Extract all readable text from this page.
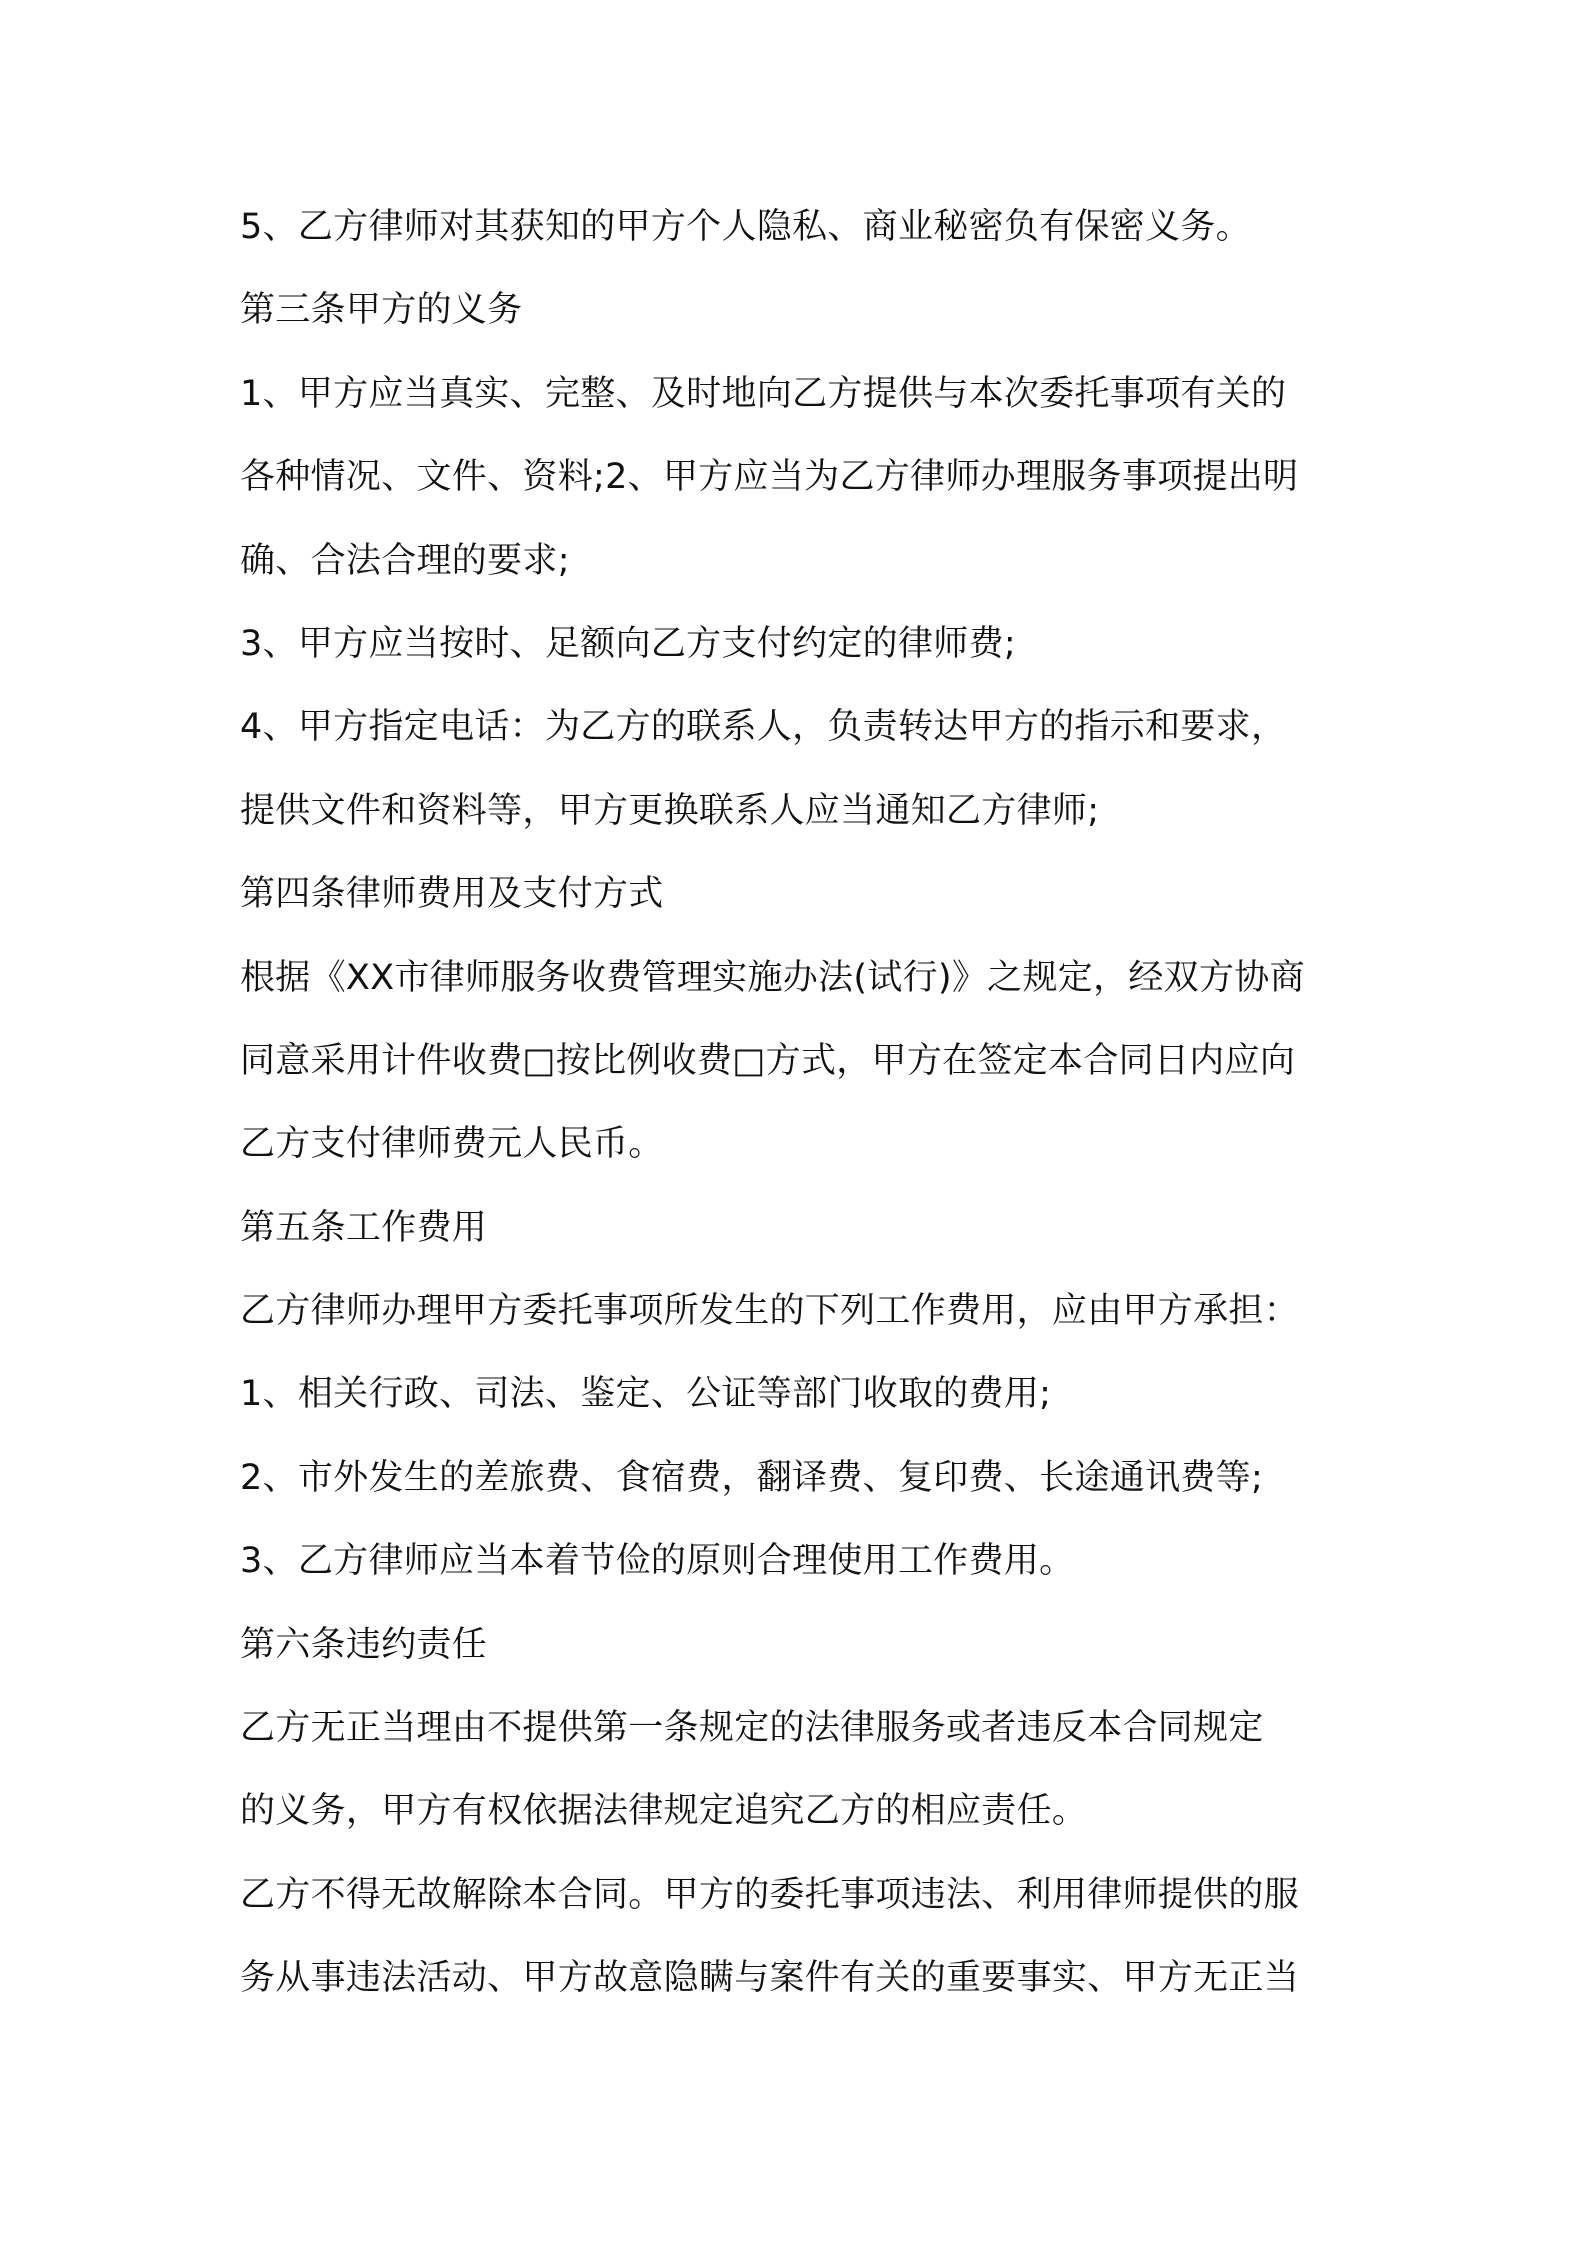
5、乙方律师对其获知的甲方个人隐私、商业秘密负有保密义务。
第三条甲方的义务
1、甲方应当真实、完整、及时地向乙方提供与本次委托事项有关的
各种情况、文件、资料;2、甲方应当为乙方律师办理服务事项提出明
确、合法合理的要求;
3、甲方应当按时、足额向乙方支付约定的律师费;
4、甲方指定电话：为乙方的联系人，负责转达甲方的指示和要求，
提供文件和资料等，甲方更换联系人应当通知乙方律师;
第四条律师费用及支付方式
根据《XX市律师服务收费管理实施办法(试行)》之规定，经双方协商
同意采用计件收费□按比例收费□方式，甲方在签定本合同日内应向
乙方支付律师费元人民币。
第五条工作费用
乙方律师办理甲方委托事项所发生的下列工作费用，应由甲方承担：
1、相关行政、司法、鉴定、公证等部门收取的费用;
2、市外发生的差旅费、食宿费，翻译费、复印费、长途通讯费等;
3、乙方律师应当本着节俭的原则合理使用工作费用。
第六条违约责任
乙方无正当理由不提供第一条规定的法律服务或者违反本合同规定
的义务，甲方有权依据法律规定追究乙方的相应责任。
乙方不得无故解除本合同。甲方的委托事项违法、利用律师提供的服
务从事违法活动、甲方故意隐瞒与案件有关的重要事实、甲方无正当
